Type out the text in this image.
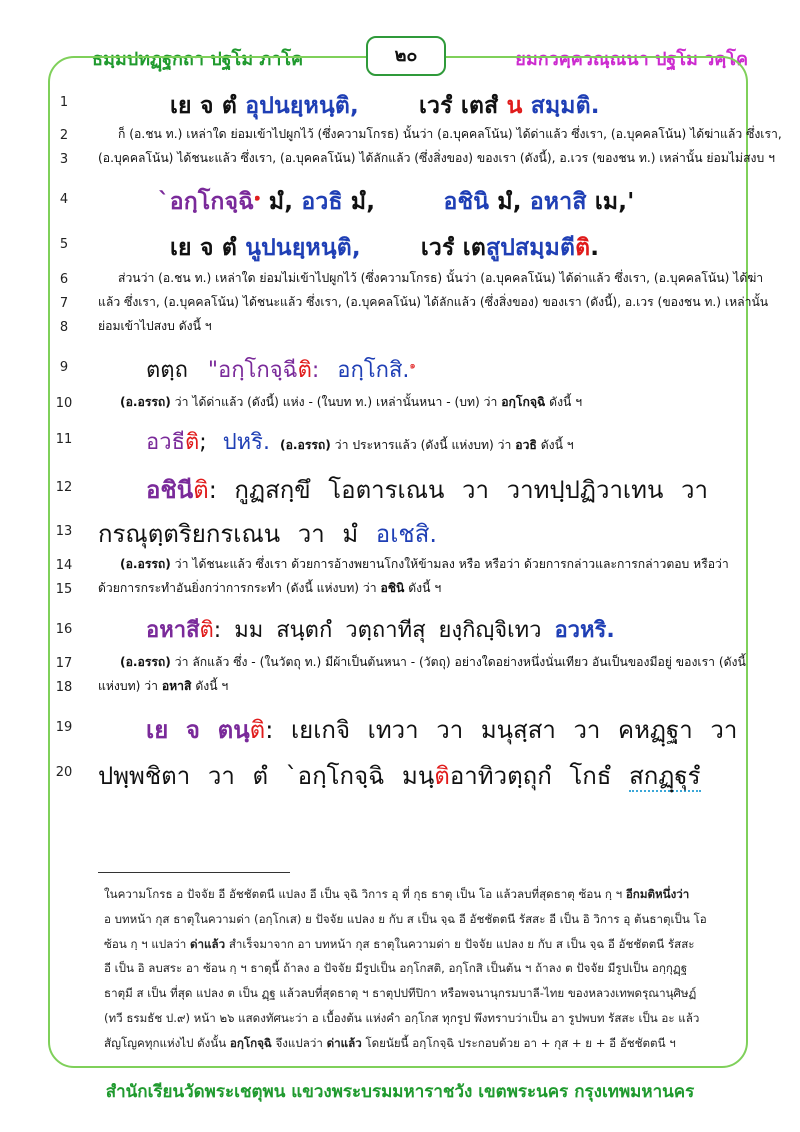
ธมฺมปทฏฺฐกถา ปฐโม ภาโค	๒๐	ยมกวคฺควณฺณนา ปฐโม วคฺโค
1
2
3
4
5
6
7
8
9
10
11
12
13
14
15
16
17
18
19
20
เย จ ตํ อุปนยฺหนฺติ,	เวรํ เตสํ น สมฺมติ.
ก็ (อ.ชน ท.) เหล่าใด ย่อมเข้าไปผูกไว้ (ซึ่งความโกรธ) นั้นว่า (อ.บุคคลโน้น) ได้ด่าแล้ว ซึ่งเรา, (อ.บุคคลโน้น) ได้ฆ่าแล้ว ซึ่งเรา,
(อ.บุคคลโน้น) ได้ชนะแล้ว ซึ่งเรา, (อ.บุคคลโน้น) ได้ลักแล้ว (ซึ่งสิ่งของ) ของเรา (ดังนี้), อ.เวร (ของชน ท.) เหล่านั้น ย่อมไม่สงบ ฯ
`อกฺโกจฺฉิ$^๑$ มํ, อวธิ มํ,	อชินิ มํ, อหาสิ เม,'
เย จ ตํ นูปนยฺหนฺติ,	เวรํ เตสูปสมฺมตีติ.
ส่วนว่า (อ.ชน ท.) เหล่าใด ย่อมไม่เข้าไปผูกไว้ (ซึ่งความโกรธ) นั้นว่า (อ.บุคคลโน้น) ได้ด่าแล้ว ซึ่งเรา, (อ.บุคคลโน้น) ได้ฆ่า
แล้ว ซึ่งเรา, (อ.บุคคลโน้น) ได้ชนะแล้ว ซึ่งเรา, (อ.บุคคลโน้น) ได้ลักแล้ว (ซึ่งสิ่งของ) ของเรา (ดังนี้), อ.เวร (ของชน ท.) เหล่านั้น
ย่อมเข้าไปสงบ ดังนี้ ฯ
ตตฺถ "อกฺโกจฺฉีติ: อกฺโกสิ.$^๑$
(อ.อรรถ) ว่า ได้ด่าแล้ว (ดังนี้) แห่ง - (ในบท ท.) เหล่านั้นหนา - (บท) ว่า อกฺโกจฺฉิ ดังนี้ ฯ
อวธีติ; ปหริ. (อ.อรรถ) ว่า ประหารแล้ว (ดังนี้ แห่งบท) ว่า อวธิ ดังนี้ ฯ
อชินีติ: กูฏสกฺขึ โอตารเณน วา วาทปฺปฏิวาเทน วา
กรณุตฺตริยกรเณน วา มํ อเชสิ.
(อ.อรรถ) ว่า ได้ชนะแล้ว ซึ่งเรา ด้วยการอ้างพยานโกงให้ข้ามลง หรือ หรือว่า ด้วยการกล่าวและการกล่าวตอบ หรือว่า
ด้วยการกระทำอันยิ่งกว่าการกระทำ (ดังนี้ แห่งบท) ว่า อชินิ ดังนี้ ฯ
อหาสีติ: มม สนฺตกํ วตฺถาทีสุ ยงฺกิญฺจิเทว อวหริ.
(อ.อรรถ) ว่า ลักแล้ว ซึ่ง - (ในวัตถุ ท.) มีผ้าเป็นต้นหนา - (วัตถุ) อย่างใดอย่างหนึ่งนั่นเทียว อันเป็นของมีอยู่ ของเรา (ดังนี้
แห่งบท) ว่า อหาสิ ดังนี้ ฯ
เย จ ตนฺติ: เยเกจิ เทวา วา มนุสฺสา วา คหฏฺฐา วา
ปพฺพชิตา วา ตํ `อกฺโกจฺฉิ มนฺติอาทิวตฺถุกํ โกธํ สกฏฺฐุรํ
ในความโกรธ อ ปัจจัย อี อัชชัตตนี แปลง อี เป็น จฺฉิ วิการ อุ ที่ กุธ ธาตุ เป็น โอ แล้วลบที่สุดธาตุ ซ้อน กฺ ฯ อีกมติหนึ่งว่า
อ บทหน้า กุส ธาตุในความด่า (อกฺโกเส) ย ปัจจัย แปลง ย กับ ส เป็น จฺฉ อี อัชชัตตนี รัสสะ อี เป็น อิ วิการ อุ ต้นธาตุเป็น โอ
ซ้อน กฺ ฯ แปลว่า ด่าแล้ว สำเร็จมาจาก อา บทหน้า กุส ธาตุในความด่า ย ปัจจัย แปลง ย กับ ส เป็น จฺฉ อี อัชชัตตนี รัสสะ
อี เป็น อิ ลบสระ อา ซ้อน กฺ ฯ ธาตุนี้ ถ้าลง อ ปัจจัย มีรูปเป็น อกฺโกสติ, อกฺโกสิ เป็นต้น ฯ ถ้าลง ต ปัจจัย มีรูปเป็น อกฺกุฏฺฐ
ธาตุมี ส เป็น ที่สุด แปลง ต เป็น ฏฺฐ แล้วลบที่สุดธาตุ ฯ ธาตุปปทีปิกา หรือพจนานุกรมบาลี-ไทย ของหลวงเทพดรุณานุศิษฏ์
(ทวี ธรมธัช ป.๙) หน้า ๒๖ แสดงทัศนะว่า อ เบื้องต้น แห่งคำ อกฺโกส ทุกรูป พึงทราบว่าเป็น อา รูปพบท รัสสะ เป็น อะ แล้ว
สัญโญคทุกแห่งไป ดังนั้น อกฺโกจฺฉิ จึงแปลว่า ด่าแล้ว โดยนัยนี้ อกฺโกจฺฉิ ประกอบด้วย อา + กุส + ย + อี อัชชัตตนี ฯ
สำนักเรียนวัดพระเชตุพน แขวงพระบรมมหาราชวัง เขตพระนคร กรุงเทพมหานคร
